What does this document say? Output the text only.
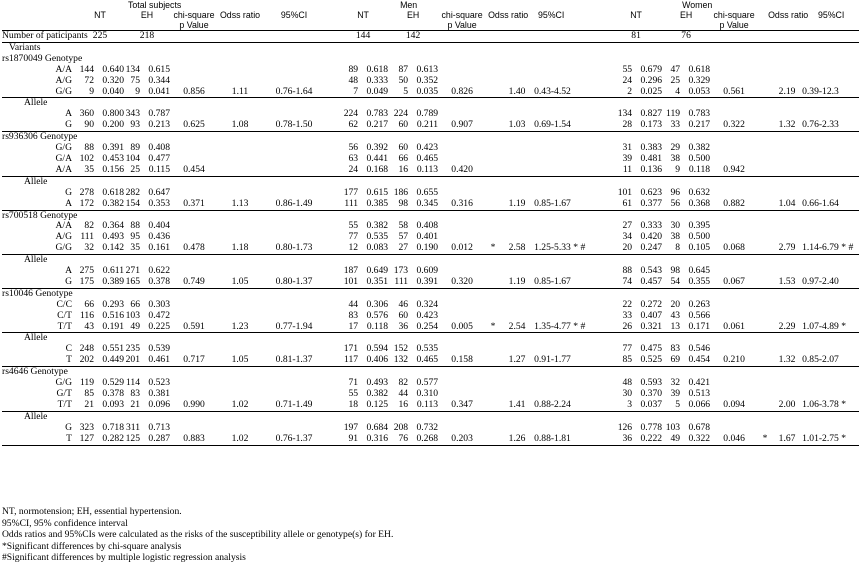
	Total subjects								Men									Women							
	NT		EH		chi-square	Odss ratio	95%CI		NT		EH		chi-square	Odss ratio 95%CI				NT		EH		chi-square	Odss ratio 95%CI		
					p Value								p Value									p Value			
Number of paticipants	225		218						144		142							81		76					
Variants																									
rs1870049 Genotype																									
A/A	144	0.640	134	0.615					89	0.618	87	0.613						55	0.679	47	0.618				
A/G	72	0.320	75	0.344					48	0.333	50	0.352						24	0.296	25	0.329				
G/G	9	0.040	9	0.041	0.856	1.11	0.76-1.64		7	0.049	5	0.035	0.826		1.40	0.43-4.52		2	0.025	4	0.053	0.561		2.19	0.39-12.3
Allele																									
A	360	0.800	343	0.787					224	0.783	224	0.789						134	0.827	119	0.783				
G	90	0.200	93	0.213	0.625	1.08	0.78-1.50		62	0.217	60	0.211	0.907		1.03	0.69-1.54		28	0.173	33	0.217	0.322		1.32	0.76-2.33
rs936306 Genotype																									
G/G	88	0.391	89	0.408					56	0.392	60	0.423						31	0.383	29	0.382				
G/A	102	0.453	104	0.477					63	0.441	66	0.465						39	0.481	38	0.500				
A/A	35	0.156	25	0.115	0.454				24	0.168	16	0.113	0.420					11	0.136	9	0.118	0.942			
Allele																									
G	278	0.618	282	0.647					177	0.615	186	0.655						101	0.623	96	0.632				
A	172	0.382	154	0.353	0.371	1.13	0.86-1.49		111	0.385	98	0.345	0.316		1.19	0.85-1.67		61	0.377	56	0.368	0.882		1.04	0.66-1.64
rs700518 Genotype																									
A/A	82	0.364	88	0.404					55	0.382	58	0.408						27	0.333	30	0.395				
A/G	111	0.493	95	0.436					77	0.535	57	0.401						34	0.420	38	0.500				
G/G	32	0.142	35	0.161	0.478	1.18	0.80-1.73		12	0.083	27	0.190	0.012	*	2.58	1.25-5.33 * #		20	0.247	8	0.105	0.068		2.79	1.14-6.79 * #
Allele																									
A	275	0.611	271	0.622					187	0.649	173	0.609						88	0.543	98	0.645				
G	175	0.389	165	0.378	0.749	1.05	0.80-1.37		101	0.351	111	0.391	0.320		1.19	0.85-1.67		74	0.457	54	0.355	0.067		1.53	0.97-2.40
rs10046 Genotype																									
C/C	66	0.293	66	0.303					44	0.306	46	0.324						22	0.272	20	0.263				
C/T	116	0.516	103	0.472					83	0.576	60	0.423						33	0.407	43	0.566				
T/T	43	0.191	49	0.225	0.591	1.23	0.77-1.94		17	0.118	36	0.254	0.005	*	2.54	1.35-4.77 * #		26	0.321	13	0.171	0.061		2.29	1.07-4.89 *
Allele																									
C	248	0.551	235	0.539					171	0.594	152	0.535						77	0.475	83	0.546				
T	202	0.449	201	0.461	0.717	1.05	0.81-1.37		117	0.406	132	0.465	0.158		1.27	0.91-1.77		85	0.525	69	0.454	0.210		1.32	0.85-2.07
rs4646 Genotype																									
G/G	119	0.529	114	0.523					71	0.493	82	0.577						48	0.593	32	0.421				
G/T	85	0.378	83	0.381					55	0.382	44	0.310						30	0.370	39	0.513				
T/T	21	0.093	21	0.096	0.990	1.02	0.71-1.49		18	0.125	16	0.113	0.347		1.41	0.88-2.24		3	0.037	5	0.066	0.094		2.00	1.06-3.78 *
Allele																									
G	323	0.718	311	0.713					197	0.684	208	0.732						126	0.778	103	0.678				
T	127	0.282	125	0.287	0.883	1.02	0.76-1.37		91	0.316	76	0.268	0.203		1.26	0.88-1.81		36	0.222	49	0.322	0.046	*	1.67	1.01-2.75 *
NT, normotension; EH, essential hypertension.
95%CI, 95% confidence interval
Odds ratios and 95%CIs were calculated as the risks of the susceptibility allele or genotype(s) for EH.
*Significant differences by chi-square analysis
#Significant differences by multiple logistic regression analysis
